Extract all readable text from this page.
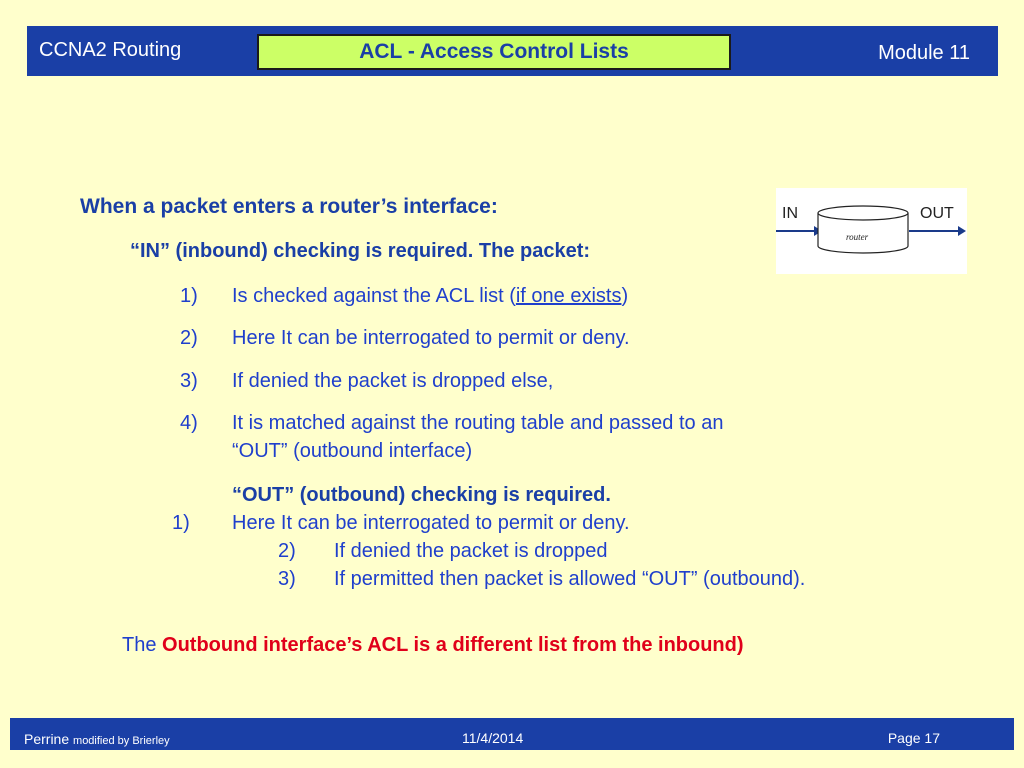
CCNA2 Routing	ACL - Access Control Lists	Module 11
IN	OUT
router
When a packet enters a router’s interface:
“IN” (inbound) checking is required. The packet:
1) Is checked against the ACL list (if one exists)
2) Here It can be interrogated to permit or deny.
3) If denied the packet is dropped else,
4) It is matched against the routing table and passed to an
“OUT” (outbound interface)
“OUT” (outbound) checking is required.
1) Here It can be interrogated to permit or deny.
2) If denied the packet is dropped
3) If permitted then packet is allowed “OUT” (outbound).
The Outbound interface’s ACL is a different list from the inbound)
Perrine modified by Brierley	11/4/2014	Page 17
